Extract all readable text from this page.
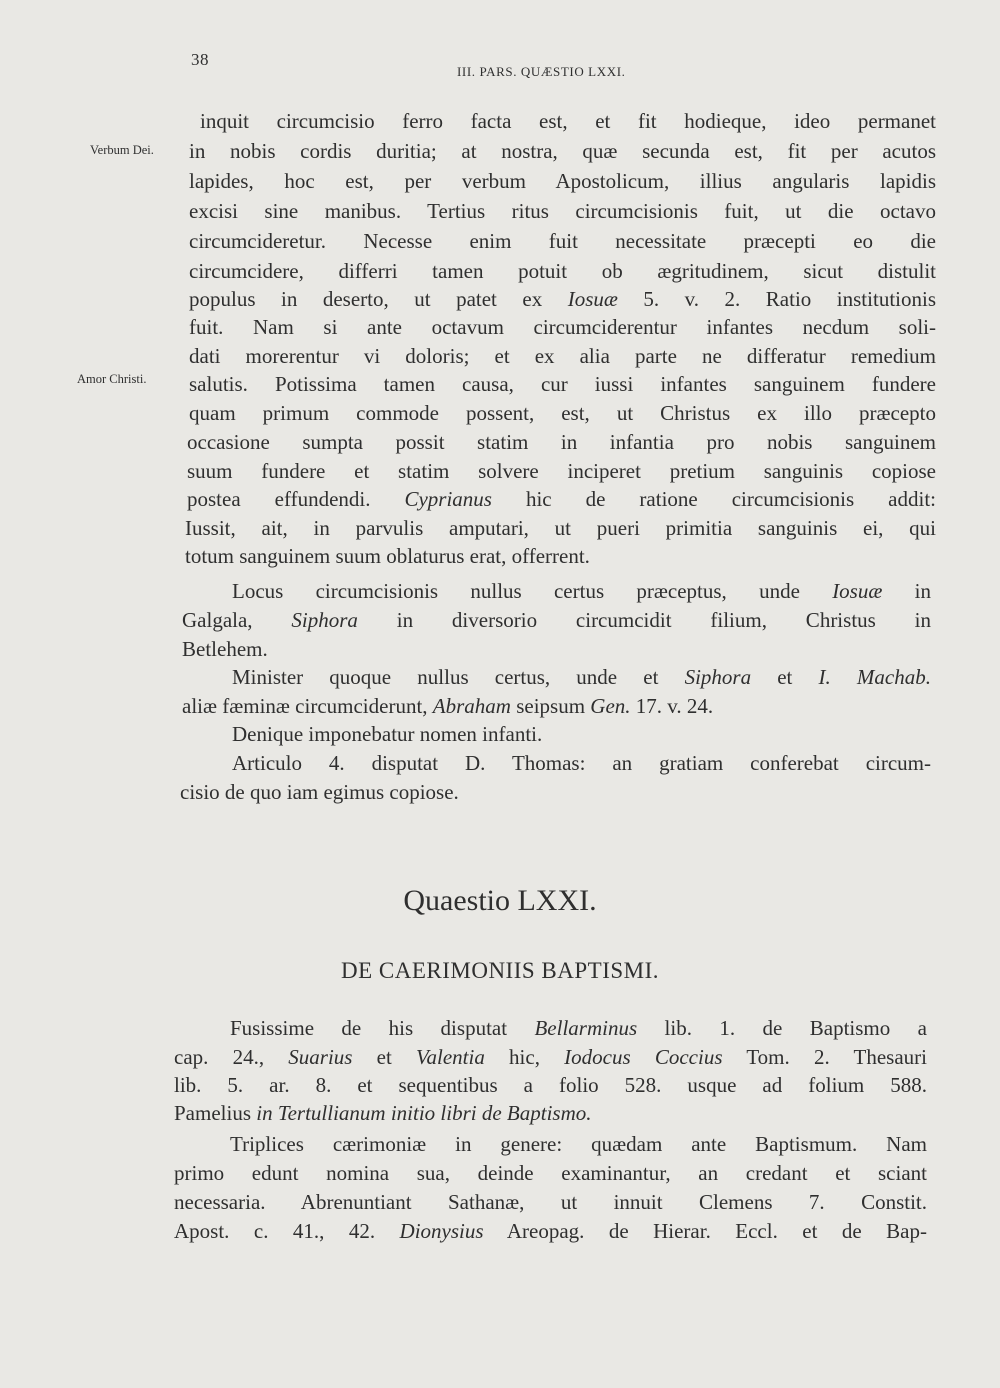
38
III. PARS. QUÆSTIO LXXI.
Verbum Dei.
Amor Christi.
inquit circumcisio ferro facta est, et fit hodieque, ideo permanet
in nobis cordis duritia; at nostra, quæ secunda est, fit per acutos
lapides, hoc est, per verbum Apostolicum, illius angularis lapidis
excisi sine manibus. Tertius ritus circumcisionis fuit, ut die octavo
circumcideretur. Necesse enim fuit necessitate præcepti eo die
circumcidere, differri tamen potuit ob ægritudinem, sicut distulit
populus in deserto, ut patet ex Iosuæ 5. v. 2. Ratio institutionis
fuit. Nam si ante octavum circumciderentur infantes necdum soli-
dati morerentur vi doloris; et ex alia parte ne differatur remedium
salutis. Potissima tamen causa, cur iussi infantes sanguinem fundere
quam primum commode possent, est, ut Christus ex illo præcepto
occasione sumpta possit statim in infantia pro nobis sanguinem
suum fundere et statim solvere inciperet pretium sanguinis copiose
postea effundendi. Cyprianus hic de ratione circumcisionis addit:
Iussit, ait, in parvulis amputari, ut pueri primitia sanguinis ei, qui
totum sanguinem suum oblaturus erat, offerrent.
Locus circumcisionis nullus certus præceptus, unde Iosuæ in
Galgala, Siphora in diversorio circumcidit filium, Christus in
Betlehem.
Minister quoque nullus certus, unde et Siphora et I. Machab.
aliæ fæminæ circumciderunt, Abraham seipsum Gen. 17. v. 24.
Denique imponebatur nomen infanti.
Articulo 4. disputat D. Thomas: an gratiam conferebat circum-
cisio de quo iam egimus copiose.
Quaestio LXXI.
DE CAERIMONIIS BAPTISMI.
Fusissime de his disputat Bellarminus lib. 1. de Baptismo a
cap. 24., Suarius et Valentia hic, Iodocus Coccius Tom. 2. Thesauri
lib. 5. ar. 8. et sequentibus a folio 528. usque ad folium 588.
Pamelius in Tertullianum initio libri de Baptismo.
Triplices cærimoniæ in genere: quædam ante Baptismum. Nam
primo edunt nomina sua, deinde examinantur, an credant et sciant
necessaria. Abrenuntiant Sathanæ, ut innuit Clemens 7. Constit.
Apost. c. 41., 42. Dionysius Areopag. de Hierar. Eccl. et de Bap-
